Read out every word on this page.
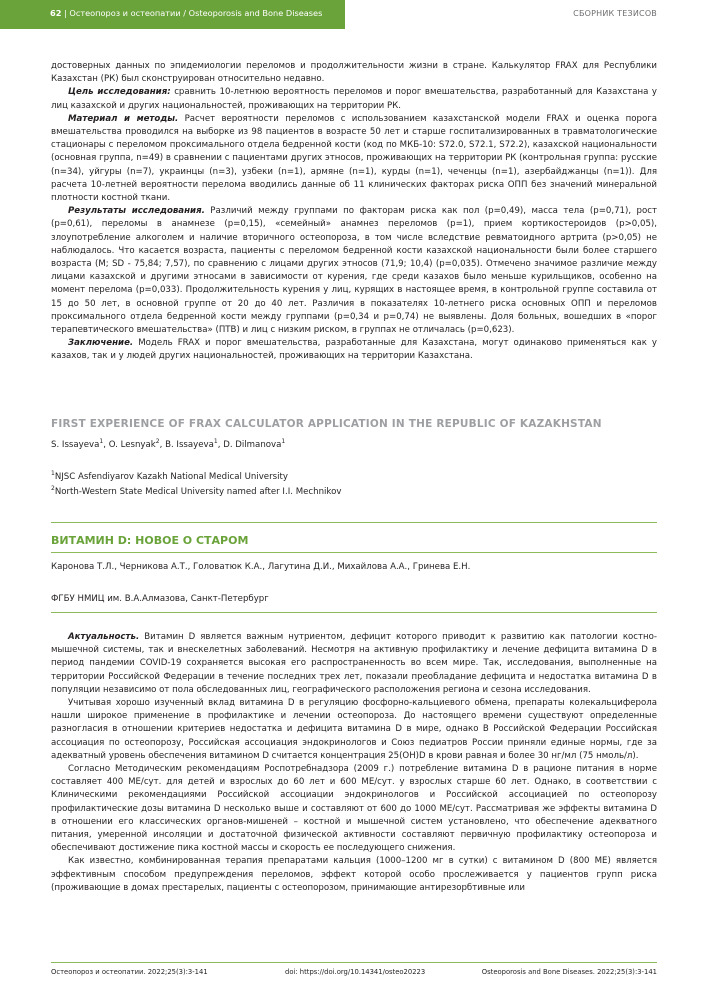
62 | Остеопороз и остеопатии / Osteoporosis and Bone Diseases	СБОРНИК ТЕЗИСОВ

достоверных данных по эпидемиологии переломов и продолжительности жизни в стране. Калькулятор FRAX для Республики Казахстан (РК) был сконструирован относительно недавно.

Цель исследования: сравнить 10-летнюю вероятность переломов и порог вмешательства, разработанный для Казахстана у лиц казахской и других национальностей, проживающих на территории РК.

Материал и методы. Расчет вероятности переломов с использованием казахстанской модели FRAX и оценка порога вмешательства проводился на выборке из 98 пациентов в возрасте 50 лет и старше госпитализированных в травматологические стационары с переломом проксимального отдела бедренной кости (код по МКБ-10: S72.0, S72.1, S72.2), казахской национальности (основная группа, n=49) в сравнении с пациентами других этносов, проживающих на территории РК (контрольная группа: русские (n=34), уйгуры (n=7), украинцы (n=3), узбеки (n=1), армяне (n=1), курды (n=1), чеченцы (n=1), азербайджанцы (n=1)). Для расчета 10-летней вероятности перелома вводились данные об 11 клинических факторах риска ОПП без значений минеральной плотности костной ткани.

Результаты исследования. Различий между группами по факторам риска как пол (p=0,49), масса тела (p=0,71), рост (p=0,61), переломы в анамнезе (p=0,15), «семейный» анамнез переломов (p=1), прием кортикостероидов (p>0,05), злоупотребление алкоголем и наличие вторичного остеопороза, в том числе вследствие ревматоидного артрита (p>0,05) не наблюдалось. Что касается возраста, пациенты с переломом бедренной кости казахской национальности были более старшего возраста (M; SD - 75,84; 7,57), по сравнению с лицами других этносов (71,9; 10,4) (p=0,035). Отмечено значимое различие между лицами казахской и другими этносами в зависимости от курения, где среди казахов было меньше курильщиков, особенно на момент перелома (p=0,033). Продолжительность курения у лиц, курящих в настоящее время, в контрольной группе составила от 15 до 50 лет, в основной группе от 20 до 40 лет. Различия в показателях 10-летнего риска основных ОПП и переломов проксимального отдела бедренной кости между группами (p=0,34 и p=0,74) не выявлены. Доля больных, вошедших в «порог терапевтического вмешательства» (ПТВ) и лиц с низким риском, в группах не отличалась (p=0,623).

Заключение. Модель FRAX и порог вмешательства, разработанные для Казахстана, могут одинаково применяться как у казахов, так и у людей других национальностей, проживающих на территории Казахстана.

FIRST EXPERIENCE OF FRAX CALCULATOR APPLICATION IN THE REPUBLIC OF KAZAKHSTAN
S. Issayeva$^1$, O. Lesnyak$^2$, B. Issayeva$^1$, D. Dilmanova$^1$
$^1$NJSC Asfendiyarov Kazakh National Medical University
$^2$North-Western State Medical University named after I.I. Mechnikov
ВИТАМИН D: НОВОЕ О СТАРОМ
Каронова Т.Л., Черникова А.Т., Головатюк К.А., Лагутина Д.И., Михайлова А.А., Гринева Е.Н.
ФГБУ НМИЦ им. В.А.Алмазова, Санкт-Петербург

Актуальность. Витамин D является важным нутриентом, дефицит которого приводит к развитию как патологии костно-мышечной системы, так и внескелетных заболеваний. Несмотря на активную профилактику и лечение дефицита витамина D в период пандемии COVID-19 сохраняется высокая его распространенность во всем мире. Так, исследования, выполненные на территории Российской Федерации в течение последних трех лет, показали преобладание дефицита и недостатка витамина D в популяции независимо от пола обследованных лиц, географического расположения региона и сезона исследования.

Учитывая хорошо изученный вклад витамина D в регуляцию фосфорно-кальциевого обмена, препараты колекальциферола нашли широкое применение в профилактике и лечении остеопороза. До настоящего времени существуют определенные разногласия в отношении критериев недостатка и дефицита витамина D в мире, однако В Российской Федерации Российская ассоциация по остеопорозу, Российская ассоциация эндокринологов и Союз педиатров России приняли единые нормы, где за адекватный уровень обеспечения витамином D считается концентрация 25(OH)D в крови равная и более 30 нг/мл (75 нмоль/л).

Согласно Методическим рекомендациям Роспотребнадзора (2009 г.) потребление витамина D в рационе питания в норме составляет 400 МЕ/сут. для детей и взрослых до 60 лет и 600 МЕ/сут. у взрослых старше 60 лет. Однако, в соответствии с Клиническими рекомендациями Российской ассоциации эндокринологов и Российской ассоциацией по остеопорозу профилактические дозы витамина D несколько выше и составляют от 600 до 1000 МЕ/сут. Рассматривая же эффекты витамина D в отношении его классических органов-мишеней – костной и мышечной систем установлено, что обеспечение адекватного питания, умеренной инсоляции и достаточной физической активности составляют первичную профилактику остеопороза и обеспечивают достижение пика костной массы и скорость ее последующего снижения.

Как известно, комбинированная терапия препаратами кальция (1000–1200 мг в сутки) с витамином D (800 МЕ) является эффективным способом предупреждения переломов, эффект которой особо прослеживается у пациентов групп риска (проживающие в домах престарелых, пациенты с остеопорозом, принимающие антирезорбтивные или

Остеопороз и остеопатии. 2022;25(3):3-141	doi: https://doi.org/10.14341/osteo20223	Osteoporosis and Bone Diseases. 2022;25(3):3-141
